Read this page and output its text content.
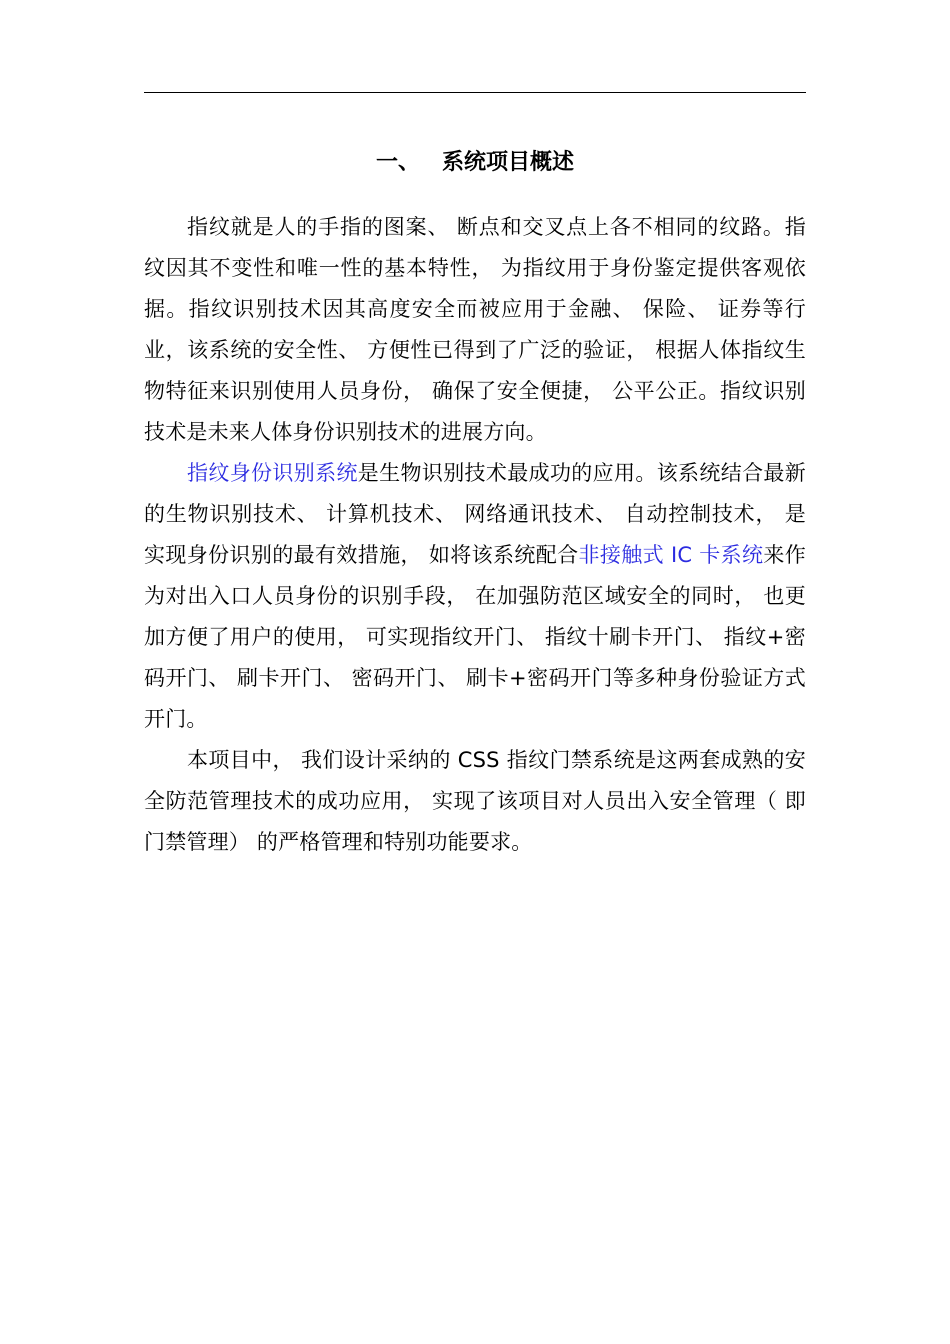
一、 系统项目概述

指纹就是人的手指的图案、 断点和交叉点上各不相同的纹路。指纹因其不变性和唯一性的基本特性， 为指纹用于身份鉴定提供客观依据。指纹识别技术因其高度安全而被应用于金融、 保险、 证券等行业，该系统的安全性、 方便性已得到了广泛的验证， 根据人体指纹生物特征来识别使用人员身份， 确保了安全便捷， 公平公正。指纹识别技术是未来人体身份识别技术的进展方向。

指纹身份识别系统是生物识别技术最成功的应用。该系统结合最新的生物识别技术、 计算机技术、 网络通讯技术、 自动控制技术， 是实现身份识别的最有效措施， 如将该系统配合非接触式 IC 卡系统来作为对出入口人员身份的识别手段， 在加强防范区域安全的同时， 也更加方便了用户的使用， 可实现指纹开门、 指纹十刷卡开门、 指纹+密码开门、 刷卡开门、 密码开门、 刷卡+密码开门等多种身份验证方式开门。

本项目中， 我们设计采纳的 CSS 指纹门禁系统是这两套成熟的安全防范管理技术的成功应用， 实现了该项目对人员出入安全管理（ 即门禁管理） 的严格管理和特别功能要求。
